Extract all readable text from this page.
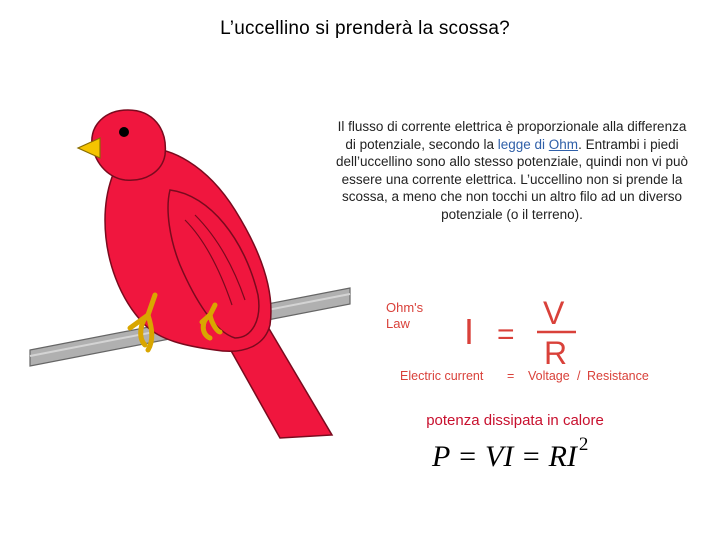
L’uccellino si prenderà la scossa?
Il flusso di corrente elettrica è proporzionale alla differenza di potenziale, secondo la legge di Ohm. Entrambi i piedi dell’uccellino sono allo stesso potenziale, quindi non vi può essere una corrente elettrica. L’uccellino non si prende la scossa, a meno che non tocchi un altro filo ad un diverso potenziale (o il terreno).
Ohm's
Law I =
V
R
Electric current = Voltage / Resistance
potenza dissipata in calore
P = VI = RI $^2$
